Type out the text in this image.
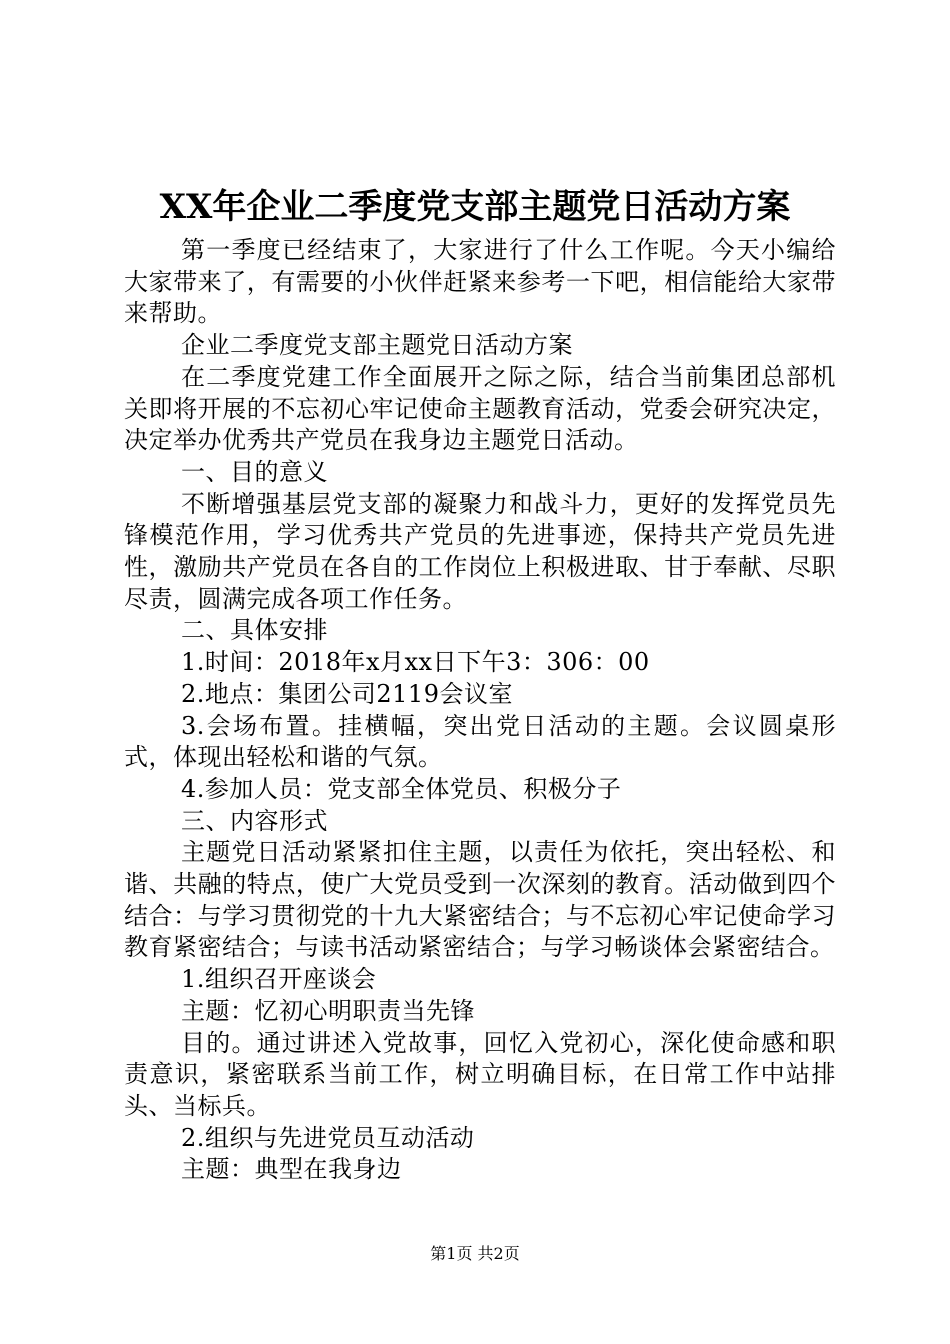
XX年企业二季度党支部主题党日活动方案

第一季度已经结束了，大家进行了什么工作呢。今天小编给大家带来了，有需要的小伙伴赶紧来参考一下吧，相信能给大家带来帮助。

企业二季度党支部主题党日活动方案

在二季度党建工作全面展开之际之际，结合当前集团总部机关即将开展的不忘初心牢记使命主题教育活动，党委会研究决定，决定举办优秀共产党员在我身边主题党日活动。

一、目的意义

不断增强基层党支部的凝聚力和战斗力，更好的发挥党员先锋模范作用，学习优秀共产党员的先进事迹，保持共产党员先进性，激励共产党员在各自的工作岗位上积极进取、甘于奉献、尽职尽责，圆满完成各项工作任务。

二、具体安排

1.时间：2018年x月xx日下午3：306：00

2.地点：集团公司2119会议室

3.会场布置。挂横幅，突出党日活动的主题。会议圆桌形式，体现出轻松和谐的气氛。

4.参加人员：党支部全体党员、积极分子

三、内容形式

主题党日活动紧紧扣住主题，以责任为依托，突出轻松、和谐、共融的特点，使广大党员受到一次深刻的教育。活动做到四个结合：与学习贯彻党的十九大紧密结合；与不忘初心牢记使命学习教育紧密结合；与读书活动紧密结合；与学习畅谈体会紧密结合。

1.组织召开座谈会

主题：忆初心明职责当先锋

目的。通过讲述入党故事，回忆入党初心，深化使命感和职责意识，紧密联系当前工作，树立明确目标，在日常工作中站排头、当标兵。

2.组织与先进党员互动活动

主题：典型在我身边

第1页 共2页
